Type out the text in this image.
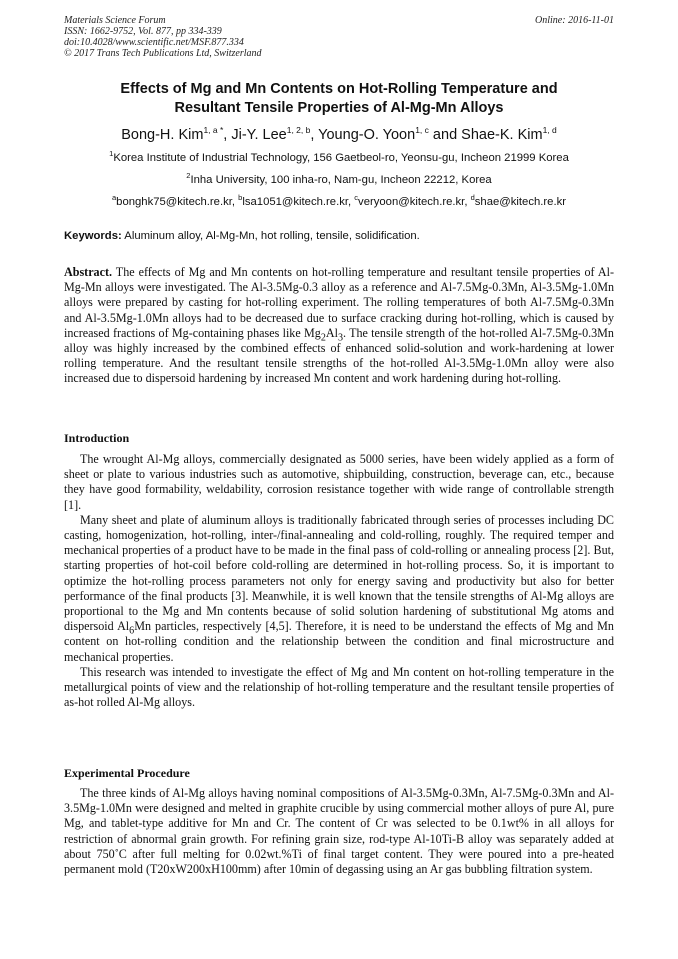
Materials Science Forum
ISSN: 1662-9752, Vol. 877, pp 334-339
doi:10.4028/www.scientific.net/MSF.877.334
© 2017 Trans Tech Publications Ltd, Switzerland
Online: 2016-11-01
Effects of Mg and Mn Contents on Hot-Rolling Temperature and
Resultant Tensile Properties of Al-Mg-Mn Alloys

Bong-H. Kim$^{1, a *}$, Ji-Y. Lee$^{1, 2, b}$, Young-O. Yoon$^{1, c}$ and Shae-K. Kim$^{1, d}$

$^1$Korea Institute of Industrial Technology, 156 Gaetbeol-ro, Yeonsu-gu, Incheon 21999 Korea

$^2$Inha University, 100 inha-ro, Nam-gu, Incheon 22212, Korea

$^a$bonghk75@kitech.re.kr, $^b$lsa1051@kitech.re.kr, $^c$veryoon@kitech.re.kr, $^d$shae@kitech.re.kr

Keywords: Aluminum alloy, Al-Mg-Mn, hot rolling, tensile, solidification.

Abstract. The effects of Mg and Mn contents on hot-rolling temperature and resultant tensile properties of Al-Mg-Mn alloys were investigated. The Al-3.5Mg-0.3 alloy as a reference and Al-7.5Mg-0.3Mn, Al-3.5Mg-1.0Mn alloys were prepared by casting for hot-rolling experiment. The rolling temperatures of both Al-7.5Mg-0.3Mn and Al-3.5Mg-1.0Mn alloys had to be decreased due to surface cracking during hot-rolling, which is caused by increased fractions of Mg-containing phases like $Mg_2Al_3$. The tensile strength of the hot-rolled Al-7.5Mg-0.3Mn alloy was highly increased by the combined effects of enhanced solid-solution and work-hardening at lower rolling temperature. And the resultant tensile strengths of the hot-rolled Al-3.5Mg-1.0Mn alloy were also increased due to dispersoid hardening by increased Mn content and work hardening during hot-rolling.

Introduction

The wrought Al-Mg alloys, commercially designated as 5000 series, have been widely applied as a form of sheet or plate to various industries such as automotive, shipbuilding, construction, beverage can, etc., because they have good formability, weldability, corrosion resistance together with wide range of controllable strength [1].

Many sheet and plate of aluminum alloys is traditionally fabricated through series of processes including DC casting, homogenization, hot-rolling, inter-/final-annealing and cold-rolling, roughly. The required temper and mechanical properties of a product have to be made in the final pass of cold-rolling or annealing process [2]. But, starting properties of hot-coil before cold-rolling are determined in hot-rolling process. So, it is important to optimize the hot-rolling process parameters not only for energy saving and productivity but also for better performance of the final products [3]. Meanwhile, it is well known that the tensile strengths of Al-Mg alloys are proportional to the Mg and Mn contents because of solid solution hardening of substitutional Mg atoms and dispersoid $Al_6Mn$ particles, respectively [4,5]. Therefore, it is need to be understand the effects of Mg and Mn content on hot-rolling condition and the relationship between the condition and final microstructure and mechanical properties.

This research was intended to investigate the effect of Mg and Mn content on hot-rolling temperature in the metallurgical points of view and the relationship of hot-rolling temperature and the resultant tensile properties of as-hot rolled Al-Mg alloys.

Experimental Procedure

The three kinds of Al-Mg alloys having nominal compositions of Al-3.5Mg-0.3Mn, Al-7.5Mg-0.3Mn and Al-3.5Mg-1.0Mn were designed and melted in graphite crucible by using commercial mother alloys of pure Al, pure Mg, and tablet-type additive for Mn and Cr. The content of Cr was selected to be 0.1wt% in all alloys for restriction of abnormal grain growth. For refining grain size, rod-type Al-10Ti-B alloy was separately added at about 750˚C after full melting for 0.02wt.%Ti of final target content. They were poured into a pre-heated permanent mold (T20xW200xH100mm) after 10min of degassing using an Ar gas bubbling filtration system.
